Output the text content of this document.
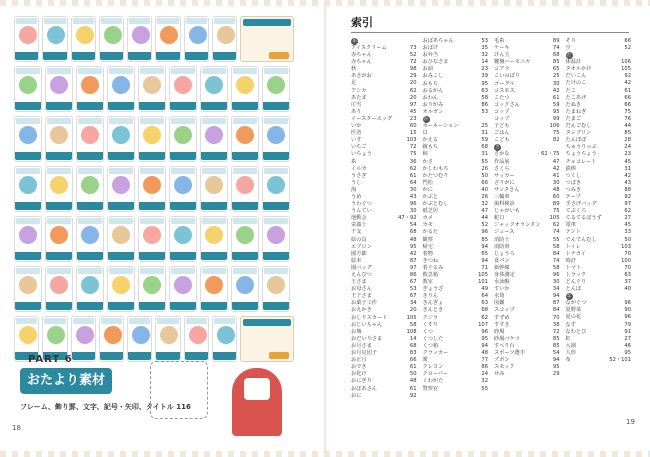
PART 6
おたより素材
フレーム、飾り罫、文字、記号・矢印、タイトル 116
18
索引
あ
アイスクリーム	73
赤ちゃん	52
赤ちゃん	72
秋	98
あさがお	29
足	20
アシカ	62
あたま	20
圧雪	97
あり	45
イースターエッグ	23
いか	60
医者	15
いす	103
いちご	72
いちょう	75
糸	36
イルカ	62
うさぎ	61
うし	64
海	30
うめ	43
うわぐつ	96
うんてい	30
運動会	47・92
栄養士	54
干支	68
絵の具	48
エプロン	95
園方都	42
絵本	87
園バッグ	97
えんぴつ	86
王さま	67
お母さん	53
王子さま	67
お菓子工作	34
おえかき	20
おしりスカート	105
おじいちゃん	58
お城	108
おだいりさま	14
お月さま	68
お月見団子	83
お正月	66
おでき	61
お化け	50
おにぎり	48
おばあさん	61
おに	92
おばあちゃん	53
おばけ	35
お弁当	32
おひなさま	14
お面	23
おみこし	39
おもち	95
おるがん	63
おわん	58
おりがみ	86
オルガン	53
か
カーネーション	25
貝	31
かえる	59
鏡もち	68
柿	31
かさ	55
かしわもち	26
かたつむり	50
門松	66
かに	40
かぶと	26
かぶとむし	32
紙芝居	47
カメ	44
カモ	52
かるた	96
観察	85
帰宅	94
着物	65
きつね	94
着ぐるみ	71
救急箱	105
教室	101
ぎょうざ	49
きりん	64
きんぎょ	63
きんとき	68
クジラ	62
くすり	107
くつ	96
くつした	95
くつ箱	94
クラッカー	48
栗	77
クレヨン	86
クローバー	24
くわがた	32
警察官	55
毛糸	89
ケーキ	74
けん玉	68
鍵盤ハーモニカ	85
コアラ	65
こいのぼり	25
ゴーグル	30
コスモス	42
こたつ	61
コックさん	59
コップ	95
コップ	99
子ども	106
ごはん	75
こども	82
さ
さかな	61・75
作品展	47
さくら	42
サッカー	41
ざりがに	30
サンタさん	48
三輪車	60
歯科検診	89
じゃがいも	75
蛇口	105
ジャックオランタン 62
ジュース	74
消防士	55
消防車	58
じょうろ	84
食パン	74
新幹線	58
身体測定	96
水泳帽	30
すいか	34
水筒	94
図鑑	87
スコップ	84
すずめ	70
すすき	38
砂場	72
砂場バケツ	85
すべり台	85
スポーツ選手	54
ズボン	94
スモック	95
せみ	29
そり	66
空	52
た
体温計	106
タオルかけ	105
だいこん	92
たけのこ	42
たこ	61
たこあげ	66
たぬき	66
たまねぎ	75
たまご	76
だんごむし	44
タンブリン	85
たんぽぽ	28
ちゅうりっぷ	24
ちょうちょう	23
チョコレート	45
鉄棒	31
つくし	42
つばき	43
つみき	88
テープ	92
手さげバッグ	97
てぶくろ	62
てるてるぼうず	27
電車	45
テント	33
でんでんむし	50
トイレ	103
トナカイ	70
時計	100
トマト	70
トラック	63
どんぐり	37
とんぼ	40
な
ながぐつ	96
夏野菜	90
夏の花	96
なす	79
なわとび	91
虹	27
入園	46
人形	95
布	52・101
19
